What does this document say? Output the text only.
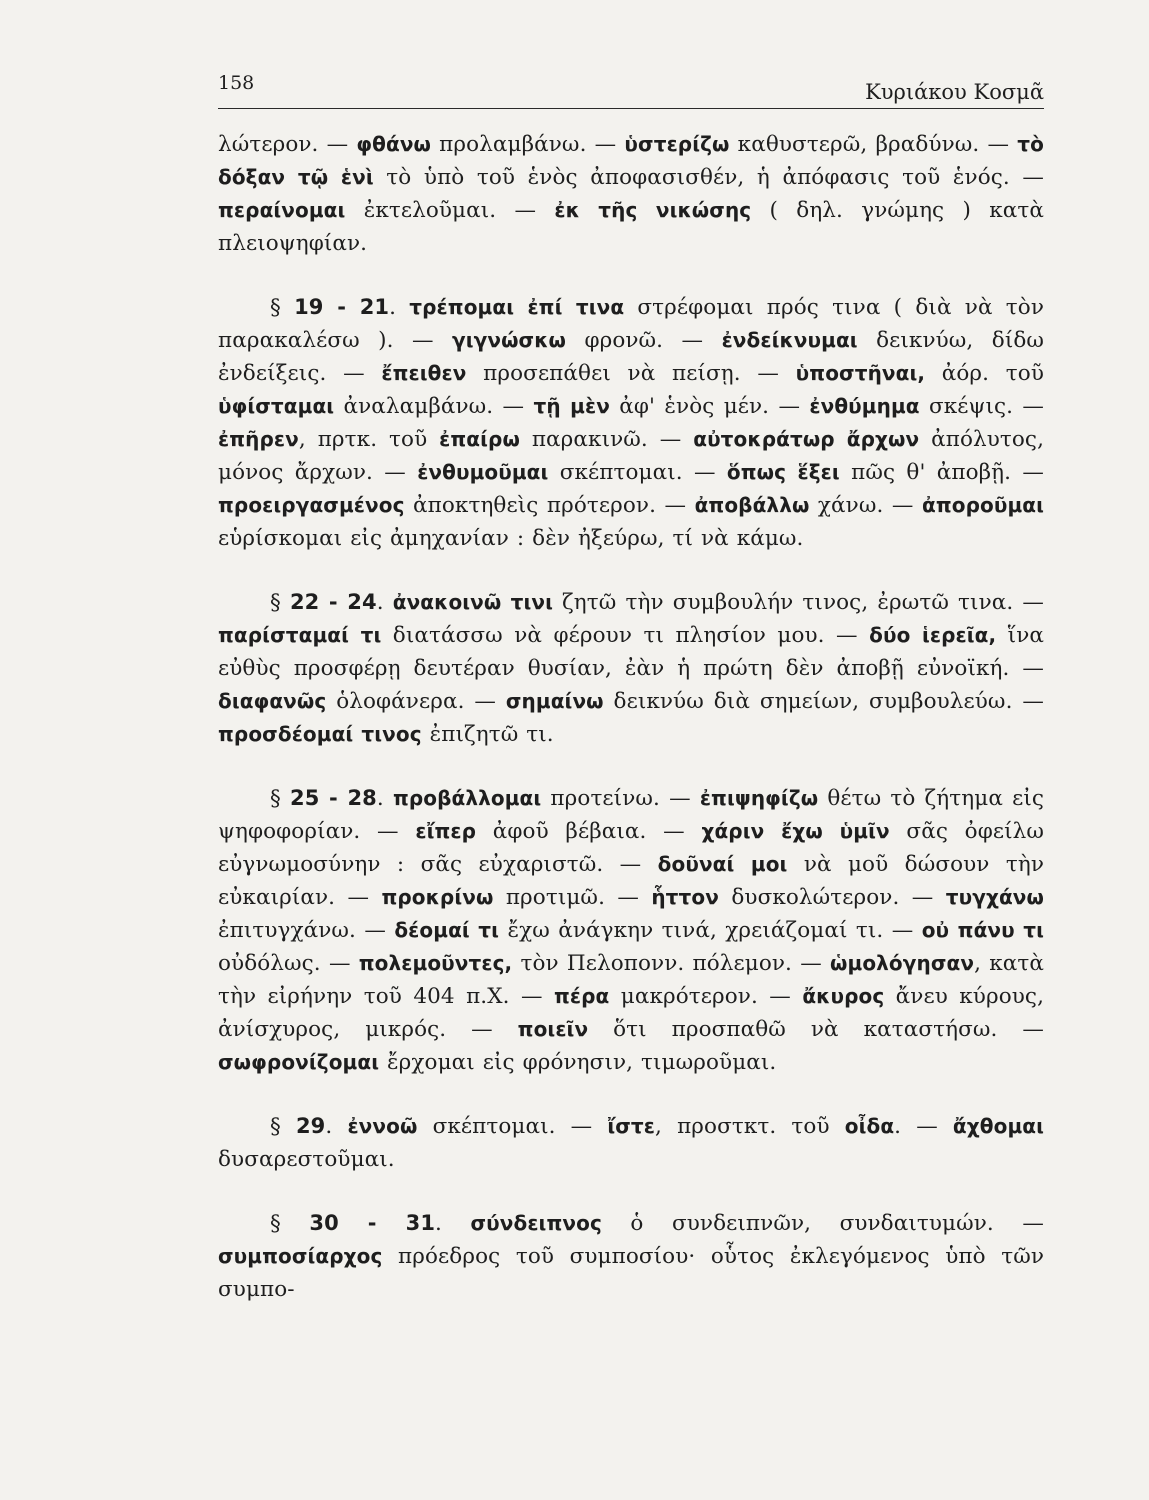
158	Κυριάκου Κοσμᾶ

λώτερον. — φθάνω προλαμβάνω. — ὑστερίζω καθυστερῶ, βραδύνω. — τὸ δόξαν τῷ ἑνὶ τὸ ὑπὸ τοῦ ἑνὸς ἀποφασισθέν, ἡ ἀπόφασις τοῦ ἑνός. — περαίνομαι ἐκτελοῦμαι. — ἐκ τῆς νικώσης ( δηλ. γνώμης ) κατὰ πλειοψηφίαν.

§ 19 - 21. τρέπομαι ἐπί τινα στρέφομαι πρός τινα ( διὰ νὰ τὸν παρακαλέσω ). — γιγνώσκω φρονῶ. — ἐνδείκνυμαι δεικνύω, δίδω ἐνδείξεις. — ἔπειθεν προσεπάθει νὰ πείσῃ. — ὑποστῆναι, ἀόρ. τοῦ ὑφίσταμαι ἀναλαμβάνω. — τῇ μὲν ἀφ' ἑνὸς μέν. — ἐνθύμημα σκέψις. — ἐπῆρεν, πρτκ. τοῦ ἐπαίρω παρακινῶ. — αὐτοκράτωρ ἄρχων ἀπόλυτος, μόνος ἄρχων. — ἐνθυμοῦμαι σκέπτομαι. — ὅπως ἕξει πῶς θ' ἀποβῇ. — προειργασμένος ἀποκτηθεὶς πρότερον. — ἀποβάλλω χάνω. — ἀποροῦμαι εὑρίσκομαι εἰς ἀμηχανίαν : δὲν ἠξεύρω, τί νὰ κάμω.

§ 22 - 24. ἀνακοινῶ τινι ζητῶ τὴν συμβουλήν τινος, ἐρωτῶ τινα. — παρίσταμαί τι διατάσσω νὰ φέρουν τι πλησίον μου. — δύο ἱερεῖα, ἵνα εὐθὺς προσφέρῃ δευτέραν θυσίαν, ἐὰν ἡ πρώτη δὲν ἀποβῇ εὐνοϊκή. — διαφανῶς ὁλοφάνερα. — σημαίνω δεικνύω διὰ σημείων, συμβουλεύω. — προσδέομαί τινος ἐπιζητῶ τι.

§ 25 - 28. προβάλλομαι προτείνω. — ἐπιψηφίζω θέτω τὸ ζήτημα εἰς ψηφοφορίαν. — εἴπερ ἀφοῦ βέβαια. — χάριν ἔχω ὑμῖν σᾶς ὀφείλω εὐγνωμοσύνην : σᾶς εὐχαριστῶ. — δοῦναί μοι νὰ μοῦ δώσουν τὴν εὐκαιρίαν. — προκρίνω προτιμῶ. — ἧττον δυσκολώτερον. — τυγχάνω ἐπιτυγχάνω. — δέομαί τι ἔχω ἀνάγκην τινά, χρειάζομαί τι. — οὐ πάνυ τι οὐδόλως. — πολεμοῦντες, τὸν Πελοπονν. πόλεμον. — ὡμολόγησαν, κατὰ τὴν εἰρήνην τοῦ 404 π.Χ. — πέρα μακρότερον. — ἄκυρος ἄνευ κύρους, ἀνίσχυρος, μικρός. — ποιεῖν ὅτι προσπαθῶ νὰ καταστήσω. — σωφρονίζομαι ἔρχομαι εἰς φρόνησιν, τιμωροῦμαι.

§ 29. ἐννοῶ σκέπτομαι. — ἴστε, προστκτ. τοῦ οἶδα. — ἄχθομαι δυσαρεστοῦμαι.

§ 30 - 31. σύνδειπνος ὁ συνδειπνῶν, συνδαιτυμών. — συμποσίαρχος πρόεδρος τοῦ συμποσίου· οὗτος ἐκλεγόμενος ὑπὸ τῶν συμπο-
